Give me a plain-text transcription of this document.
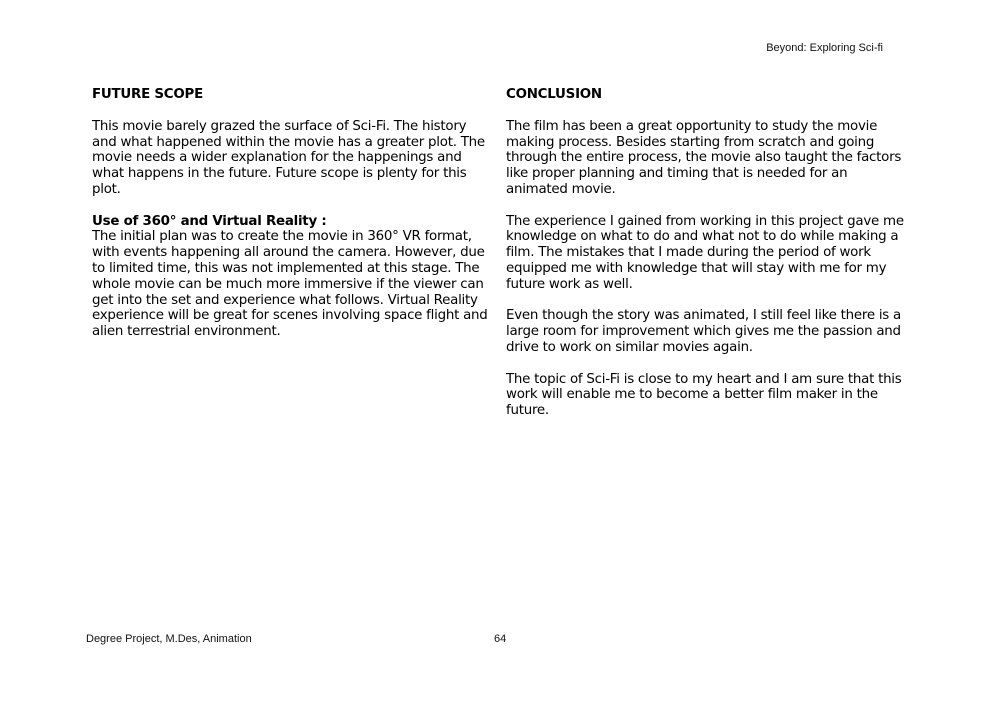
Beyond: Exploring Sci-fi
FUTURE SCOPE

This movie barely grazed the surface of Sci-Fi. The history and what happened within the movie has a greater plot. The movie needs a wider explanation for the happenings and what happens in the future. Future scope is plenty for this plot.

Use of 360° and Virtual Reality :

The initial plan was to create the movie in 360° VR format, with events happening all around the camera. However, due to limited time, this was not implemented at this stage. The whole movie can be much more immersive if the viewer can get into the set and experience what follows. Virtual Reality experience will be great for scenes involving space flight and alien terrestrial environment.

CONCLUSION

The film has been a great opportunity to study the movie making process. Besides starting from scratch and going through the entire process, the movie also taught the factors like proper planning and timing that is needed for an animated movie.

The experience I gained from working in this project gave me knowledge on what to do and what not to do while making a film. The mistakes that I made during the period of work equipped me with knowledge that will stay with me for my future work as well.

Even though the story was animated, I still feel like there is a large room for improvement which gives me the passion and drive to work on similar movies again.

The topic of Sci-Fi is close to my heart and I am sure that this work will enable me to become a better film maker in the future.

Degree Project, M.Des, Animation	64
